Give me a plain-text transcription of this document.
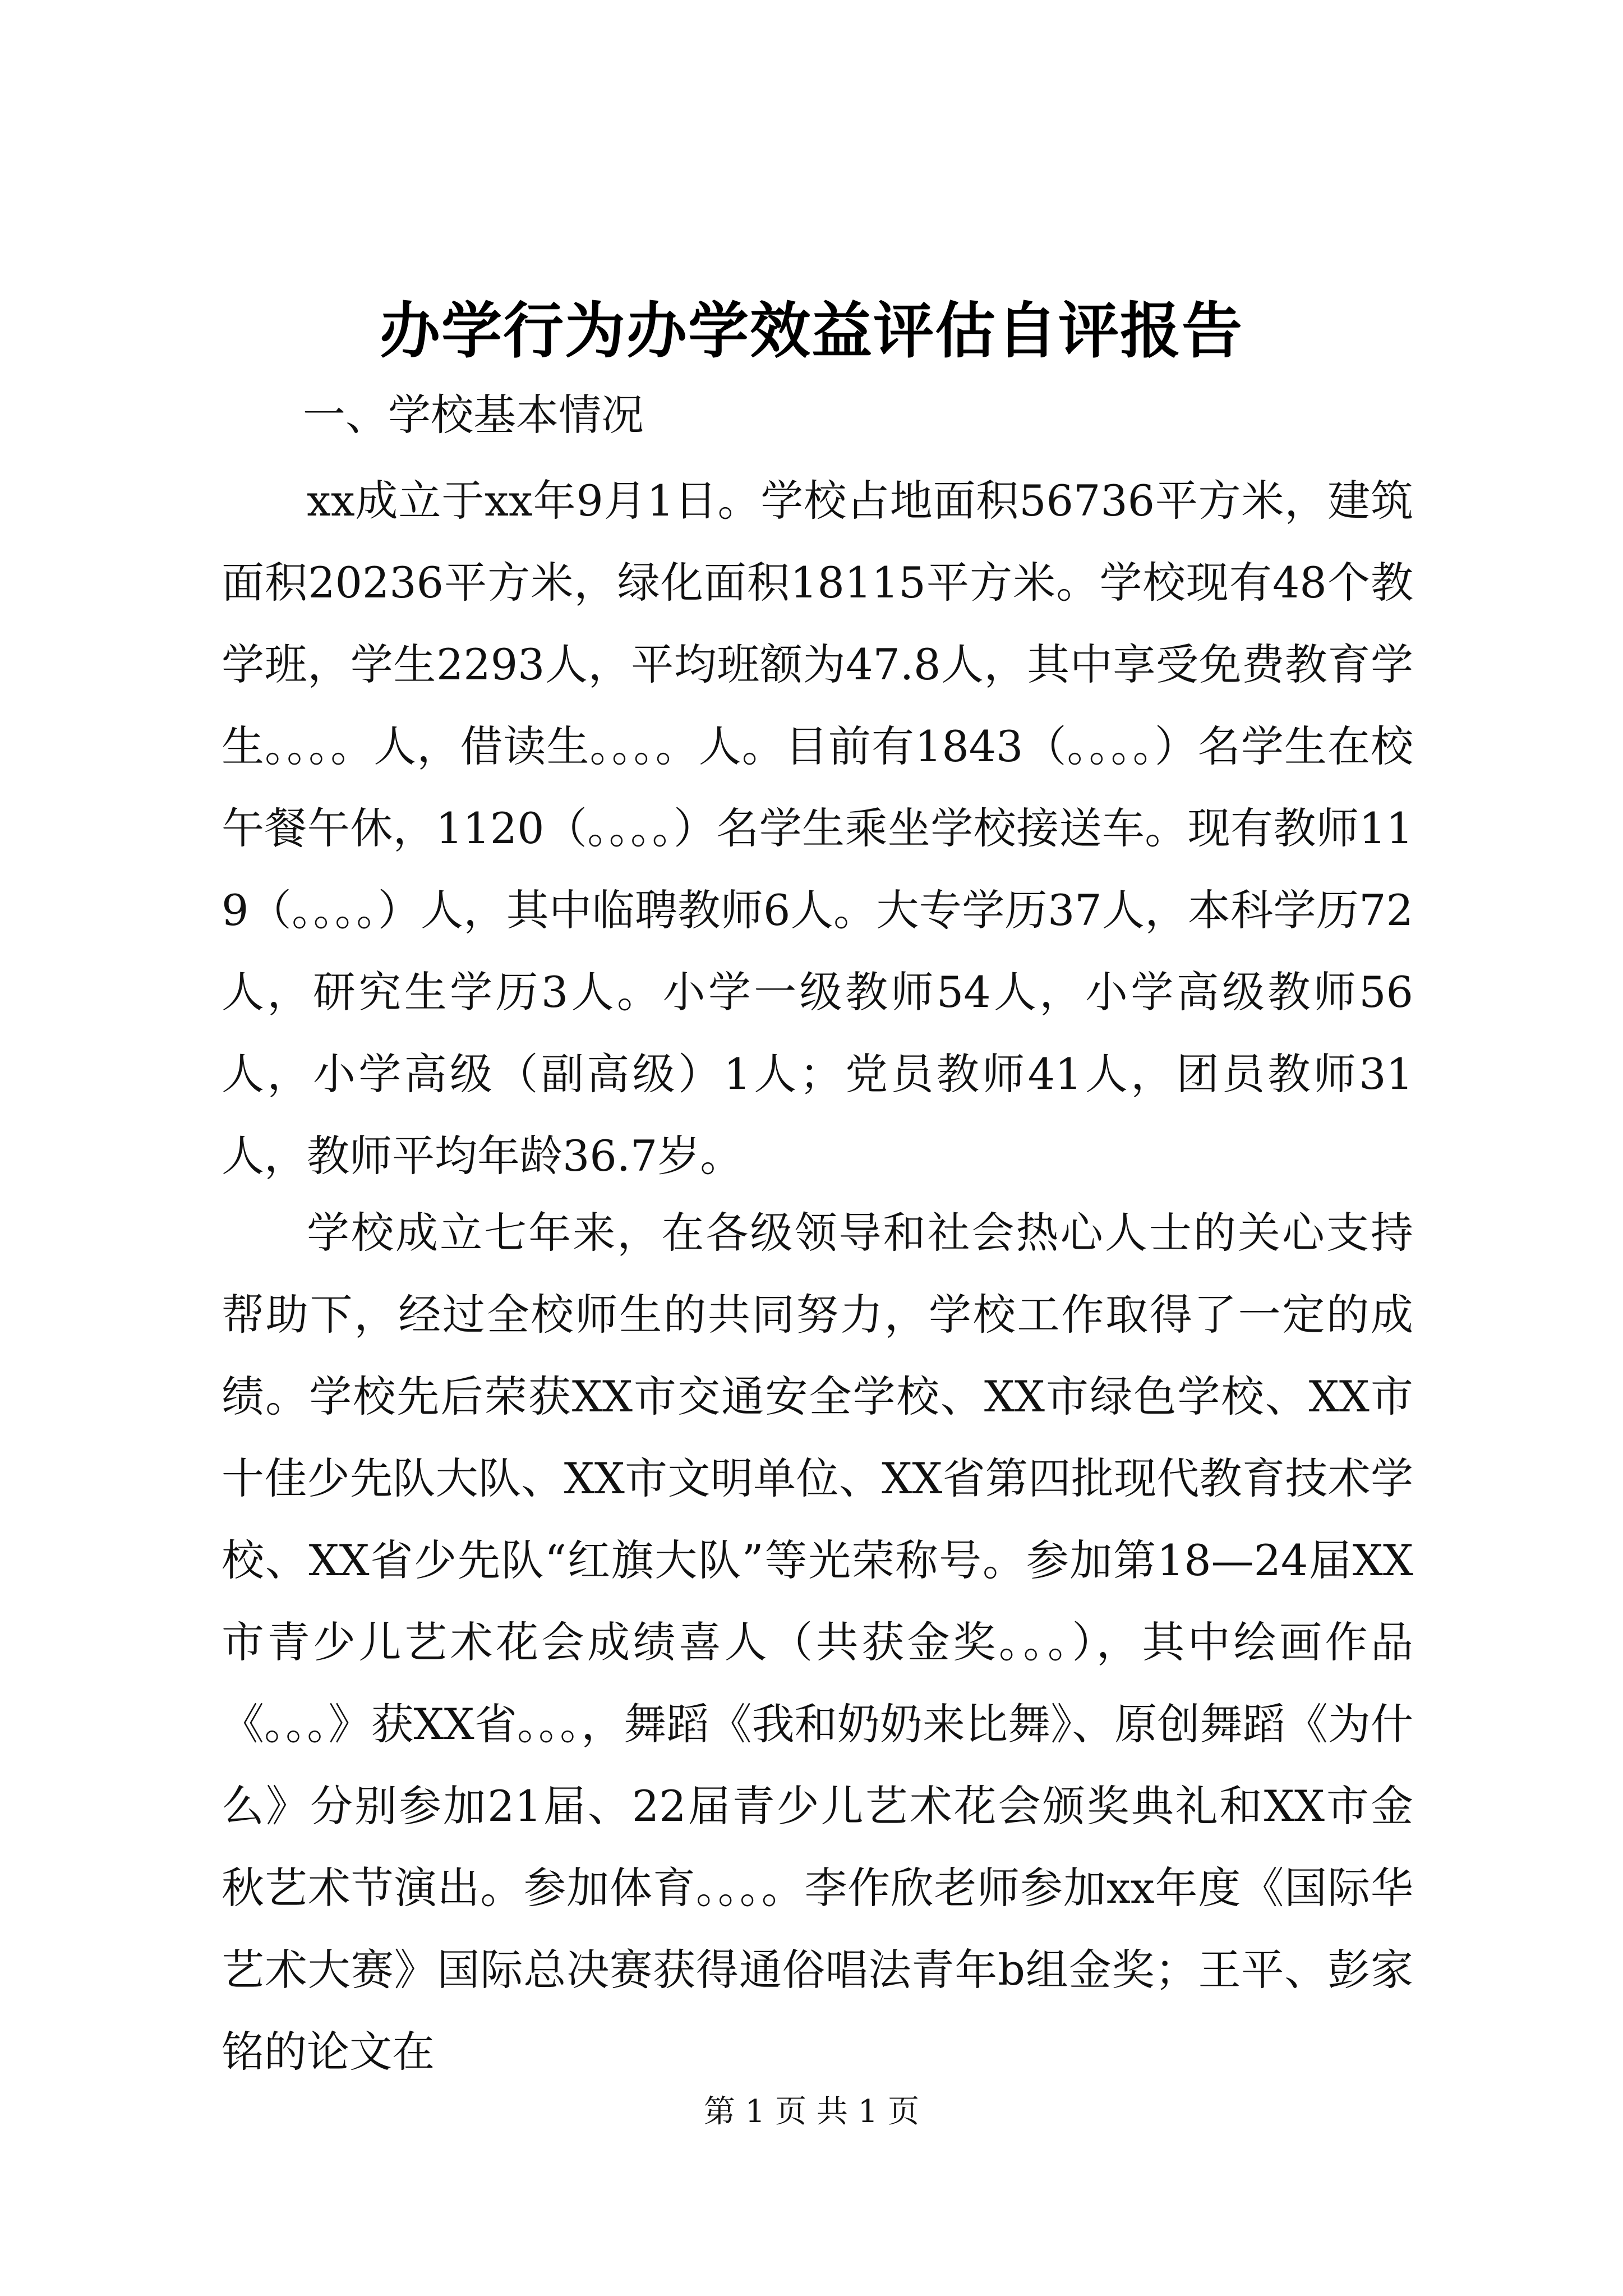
办学行为办学效益评估自评报告
一、学校基本情况
xx成立于xx年9月1日。学校占地面积56736平方米，建筑面积20236平方米，绿化面积18115平方米。学校现有48个教学班，学生2293人，平均班额为47.8人，其中享受免费教育学生。。。。人，借读生。。。。人。目前有1843（。。。。）名学生在校午餐午休，1120（。。。。）名学生乘坐学校接送车。现有教师119（。。。。）人，其中临聘教师6人。大专学历37人，本科学历72人，研究生学历3人。小学一级教师54人，小学高级教师56人，小学高级（副高级）1人；党员教师41人，团员教师31人，教师平均年龄36.7岁。
学校成立七年来，在各级领导和社会热心人士的关心支持帮助下，经过全校师生的共同努力，学校工作取得了一定的成绩。学校先后荣获XX市交通安全学校、XX市绿色学校、XX市十佳少先队大队、XX市文明单位、XX省第四批现代教育技术学校、XX省少先队“红旗大队”等光荣称号。参加第18—24届XX市青少儿艺术花会成绩喜人（共获金奖。。。），其中绘画作品《。。。》获XX省。。。，舞蹈《我和奶奶来比舞》、原创舞蹈《为什么》分别参加21届、22届青少儿艺术花会颁奖典礼和XX市金秋艺术节演出。参加体育。。。。李作欣老师参加xx年度《国际华艺术大赛》国际总决赛获得通俗唱法青年b组金奖；王平、彭家铭的论文在
第 1 页 共 1 页
